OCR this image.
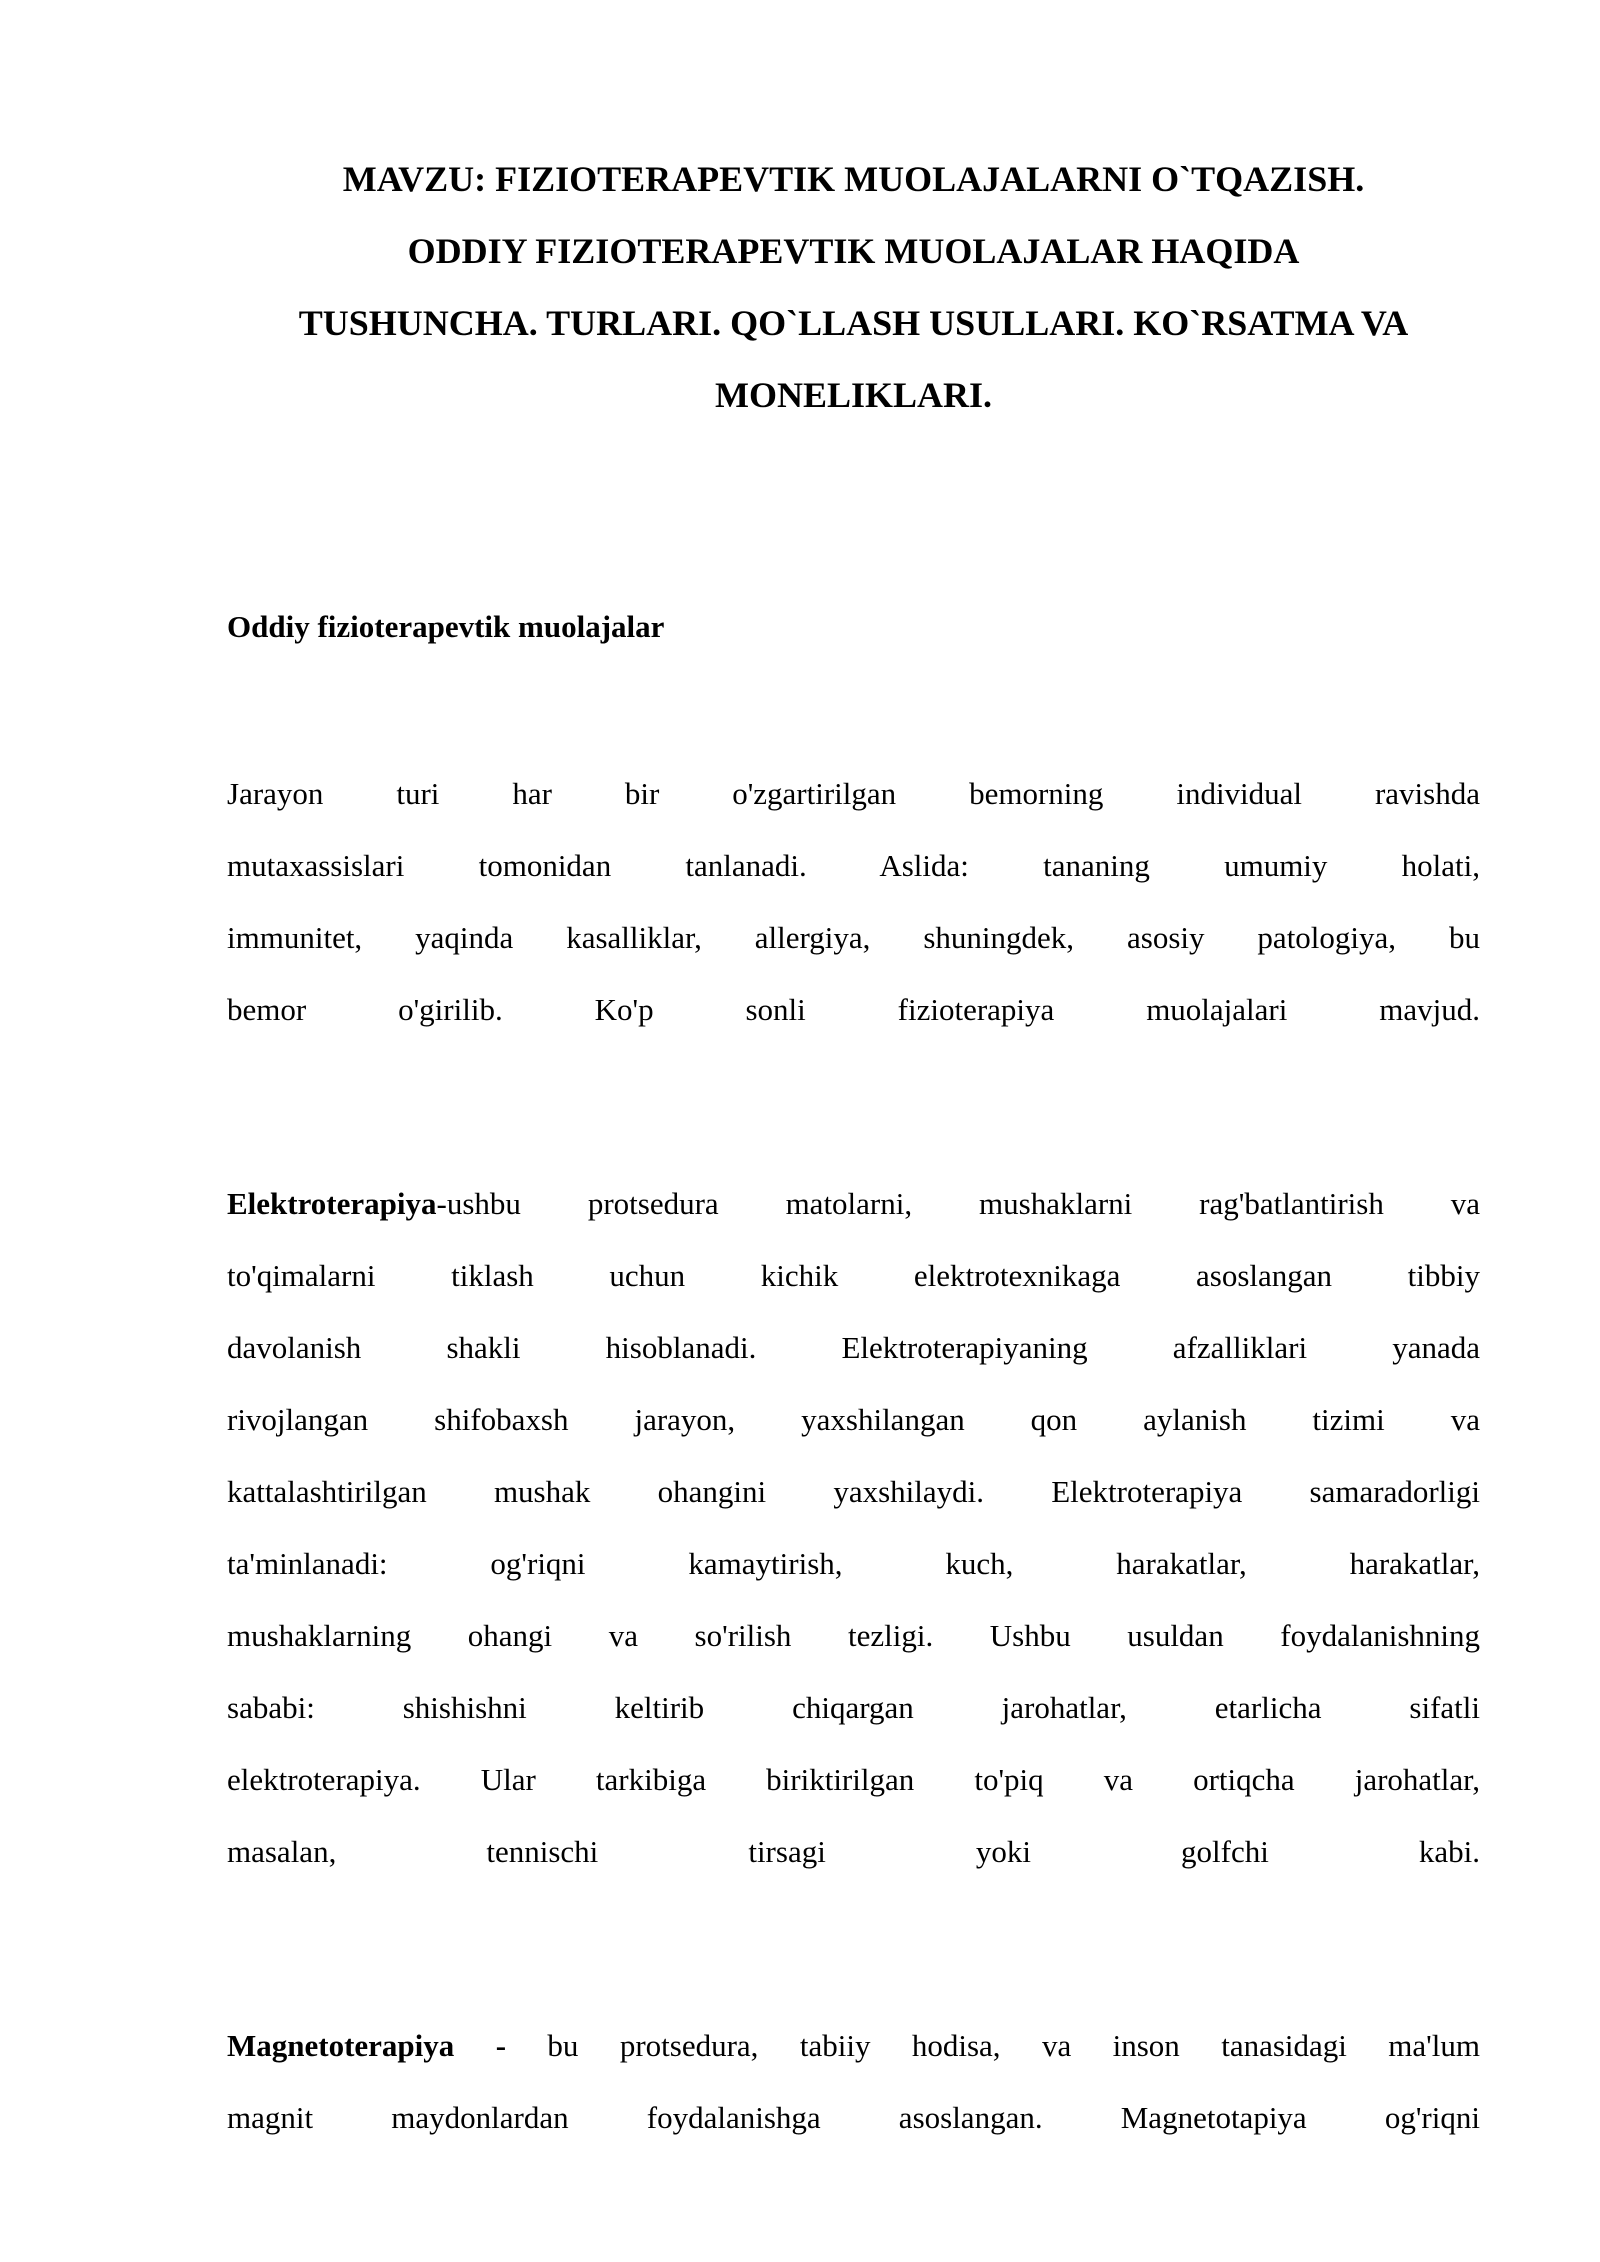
MAVZU: FIZIOTERAPEVTIK MUOLAJALARNI O`TQAZISH.
ODDIY FIZIOTERAPEVTIK MUOLAJALAR HAQIDA
TUSHUNCHA. TURLARI. QO`LLASH USULLARI. KO`RSATMA VA
MONELIKLARI.
Oddiy fizioterapevtik muolajalar
Jarayon turi har bir o'zgartirilgan bemorning individual ravishda
mutaxassislari tomonidan tanlanadi. Aslida: tananing umumiy holati,
immunitet, yaqinda kasalliklar, allergiya, shuningdek, asosiy patologiya, bu
bemor o'girilib. Ko'p sonli fizioterapiya muolajalari mavjud.
Elektroterapiya-ushbu protsedura matolarni, mushaklarni rag'batlantirish va
to'qimalarni tiklash uchun kichik elektrotexnikaga asoslangan tibbiy
davolanish shakli hisoblanadi. Elektroterapiyaning afzalliklari yanada
rivojlangan shifobaxsh jarayon, yaxshilangan qon aylanish tizimi va
kattalashtirilgan mushak ohangini yaxshilaydi. Elektroterapiya samaradorligi
ta'minlanadi: og'riqni kamaytirish, kuch, harakatlar, harakatlar,
mushaklarning ohangi va so'rilish tezligi. Ushbu usuldan foydalanishning
sababi: shishishni keltirib chiqargan jarohatlar, etarlicha sifatli
elektroterapiya. Ular tarkibiga biriktirilgan to'piq va ortiqcha jarohatlar,
masalan, tennischi tirsagi yoki golfchi kabi.
Magnetoterapiya - bu protsedura, tabiiy hodisa, va inson tanasidagi ma'lum
magnit maydonlardan foydalanishga asoslangan. Magnetotapiya og'riqni
